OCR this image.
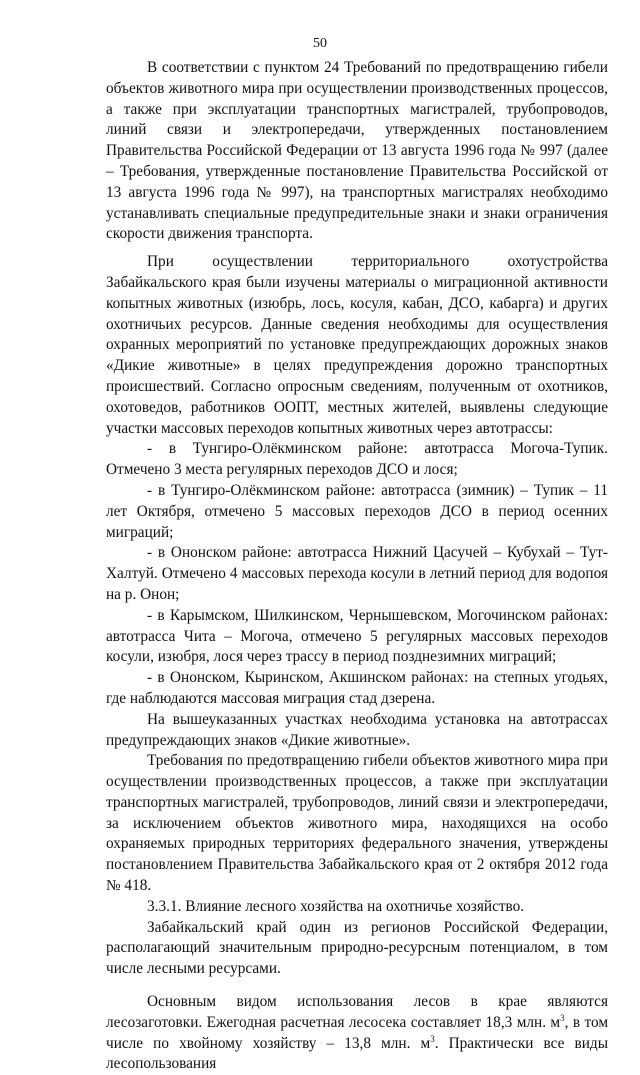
50

В соответствии с пунктом 24 Требований по предотвращению гибели объектов животного мира при осуществлении производственных процессов, а также при эксплуатации транспортных магистралей, трубопроводов, линий связи и электропередачи, утвержденных постановлением Правительства Российской Федерации от 13 августа 1996 года № 997 (далее – Требования, утвержденные постановление Правительства Российской от 13 августа 1996 года № 997), на транспортных магистралях необходимо устанавливать специальные предупредительные знаки и знаки ограничения скорости движения транспорта.

При осуществлении территориального охотустройства Забайкальского края были изучены материалы о миграционной активности копытных животных (изюбрь, лось, косуля, кабан, ДСО, кабарга) и других охотничьих ресурсов. Данные сведения необходимы для осуществления охранных мероприятий по установке предупреждающих дорожных знаков «Дикие животные» в целях предупреждения дорожно транспортных происшествий. Согласно опросным сведениям, полученным от охотников, охотоведов, работников ООПТ, местных жителей, выявлены следующие участки массовых переходов копытных животных через автотрассы:

- в Тунгиро-Олёкминском районе: автотрасса Могоча-Тупик. Отмечено 3 места регулярных переходов ДСО и лося;

- в Тунгиро-Олёкминском районе: автотрасса (зимник) – Тупик – 11 лет Октября, отмечено 5 массовых переходов ДСО в период осенних миграций;

- в Ононском районе: автотрасса Нижний Цасучей – Кубухай – Тут-Халтуй. Отмечено 4 массовых перехода косули в летний период для водопоя на р. Онон;

- в Карымском, Шилкинском, Чернышевском, Могочинском районах: автотрасса Чита – Могоча, отмечено 5 регулярных массовых переходов косули, изюбря, лося через трассу в период позднезимних миграций;

- в Ононском, Кыринском, Акшинском районах: на степных угодьях, где наблюдаются массовая миграция стад дзерена.

На вышеуказанных участках необходима установка на автотрассах предупреждающих знаков «Дикие животные».

Требования по предотвращению гибели объектов животного мира при осуществлении производственных процессов, а также при эксплуатации транспортных магистралей, трубопроводов, линий связи и электропередачи, за исключением объектов животного мира, находящихся на особо охраняемых природных территориях федерального значения, утверждены постановлением Правительства Забайкальского края от 2 октября 2012 года № 418.

3.3.1. Влияние лесного хозяйства на охотничье хозяйство.

Забайкальский край один из регионов Российской Федерации, располагающий значительным природно-ресурсным потенциалом, в том числе лесными ресурсами.

Основным видом использования лесов в крае являются лесозаготовки. Ежегодная расчетная лесосека составляет 18,3 млн. $м^3$, в том числе по хвойному хозяйству – 13,8 млн. $м^3$. Практически все виды лесопользования
